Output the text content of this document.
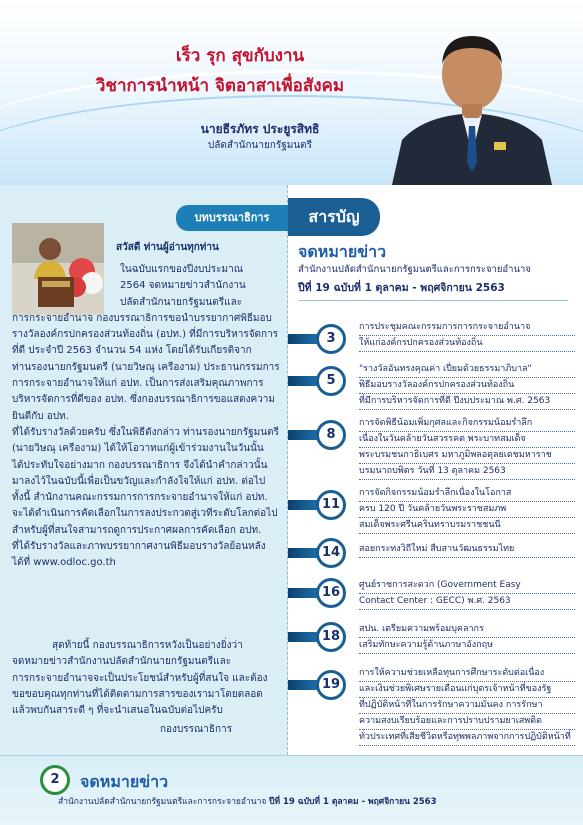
เร็ว รุก สุขกับงาน
วิชาการนำหน้า จิตอาสาเพื่อสังคม
นายธีรภัทร ประยูรสิทธิ
ปลัดสำนักนายกรัฐมนตรี
สวัสดี ท่านผู้อ่านทุกท่าน
ในฉบับแรกของปีงบประมาณ
2564 จดหมายข่าวสำนักงาน
ปลัดสำนักนายกรัฐมนตรีและ
การกระจายอำนาจ กองบรรณาธิการขอนำบรรยากาศพิธีมอบ
รางวัลองค์กรปกครองส่วนท้องถิ่น (อปท.) ที่มีการบริหารจัดการ
ที่ดี ประจำปี 2563 จำนวน 54 แห่ง โดยได้รับเกียรติจาก
ท่านรองนายกรัฐมนตรี (นายวิษณุ เครืองาม) ประธานกรรมการ
การกระจายอำนาจให้แก่ อปท. เป็นการส่งเสริมคุณภาพการ
บริหารจัดการที่ดีของ อปท. ซึ่งกองบรรณาธิการขอแสดงความยินดีกับ อปท.
ที่ได้รับรางวัลด้วยครับ ซึ่งในพิธีดังกล่าว ท่านรองนายกรัฐมนตรี
(นายวิษณุ เครืองาม) ได้ให้โอวาทแก่ผู้เข้าร่วมงานในวันนั้น
ได้ประทับใจอย่างมาก กองบรรณาธิการ จึงได้นำคำกล่าวนั้น
มาลงไว้ในฉบับนี้เพื่อเป็นขวัญและกำลังใจให้แก่ อปท. ต่อไป
ทั้งนี้ สำนักงานคณะกรรมการการกระจายอำนาจให้แก่ อปท.
จะได้ดำเนินการคัดเลือกในการลงประกวดสู่เวทีระดับโลกต่อไป
สำหรับผู้ที่สนใจสามารถดูการประกาศผลการคัดเลือก อปท.
ที่ได้รับรางวัลและภาพบรรยากาศงานพิธีมอบรางวัลย้อนหลัง
ได้ที่ www.odloc.go.th
สุดท้ายนี้ กองบรรณาธิการหวังเป็นอย่างยิ่งว่า
จดหมายข่าวสำนักงานปลัดสำนักนายกรัฐมนตรีและ
การกระจายอำนาจจะเป็นประโยชน์สำหรับผู้ที่สนใจ และต้อง
ขอขอบคุณทุกท่านที่ได้ติดตามการสารของเรามาโดยตลอด
แล้วพบกันสาระดี ๆ ที่จะนำเสนอในฉบับต่อไปครับ
กองบรรณาธิการ
บทบรรณาธิการ	สารบัญ
จดหมายข่าว
สำนักงานปลัดสำนักนายกรัฐมนตรีและการกระจายอำนาจ
ปีที่ 19 ฉบับที่ 1 ตุลาคม - พฤศจิกายน 2563
3
การประชุมคณะกรรมการการกระจายอำนาจ
ให้แก่องค์กรปกครองส่วนท้องถิ่น
5
"รางวัลอันทรงคุณค่า เปี่ยมด้วยธรรมาภิบาล"
พิธีมอบรางวัลองค์กรปกครองส่วนท้องถิ่น
ที่มีการบริหารจัดการที่ดี ปีงบประมาณ พ.ศ. 2563
8
การจัดพิธีน้อมเพิ่มกุศลและกิจกรรมน้อมรำลึก
เนื่องในวันคล้ายวันสวรรคต พระบาทสมเด็จ
พระบรมชนกาธิเบศร มหาภูมิพลอดุลยเดชมหาราช
บรมนาถบพิตร วันที่ 13 ตุลาคม 2563
11
การจัดกิจกรรมน้อมรำลึกเนื่องในโอกาส
ครบ 120 ปี วันคล้ายวันพระราชสมภพ
สมเด็จพระศรีนครินทราบรมราชชนนี
14	สอยกระทงวิถีใหม่ สืบสานวัฒนธรรมไทย
16	ศูนย์ราชการสะดวก (Government Easy
Contact Center : GECC) พ.ศ. 2563
18	สปน. เตรียมความพร้อมบุคลากร
เสริมทักษะความรู้ด้านภาษาอังกฤษ
19
การให้ความช่วยเหลือทุนการศึกษาระดับต่อเนื่อง
และเงินช่วยพิเศษรายเดือนแก่บุตรเจ้าหน้าที่ของรัฐ
ที่ปฏิบัติหน้าที่ในการรักษาความมั่นคง การรักษา
ความสงบเรียบร้อยและการปราบปรามยาเสพติด
ทั่วประเทศที่เสียชีวิตหรือทุพพลภาพจากการปฏิบัติหน้าที่
2	จดหมายข่าว
สำนักงานปลัดสำนักนายกรัฐมนตรีและการกระจายอำนาจ ปีที่ 19 ฉบับที่ 1 ตุลาคม - พฤศจิกายน 2563
